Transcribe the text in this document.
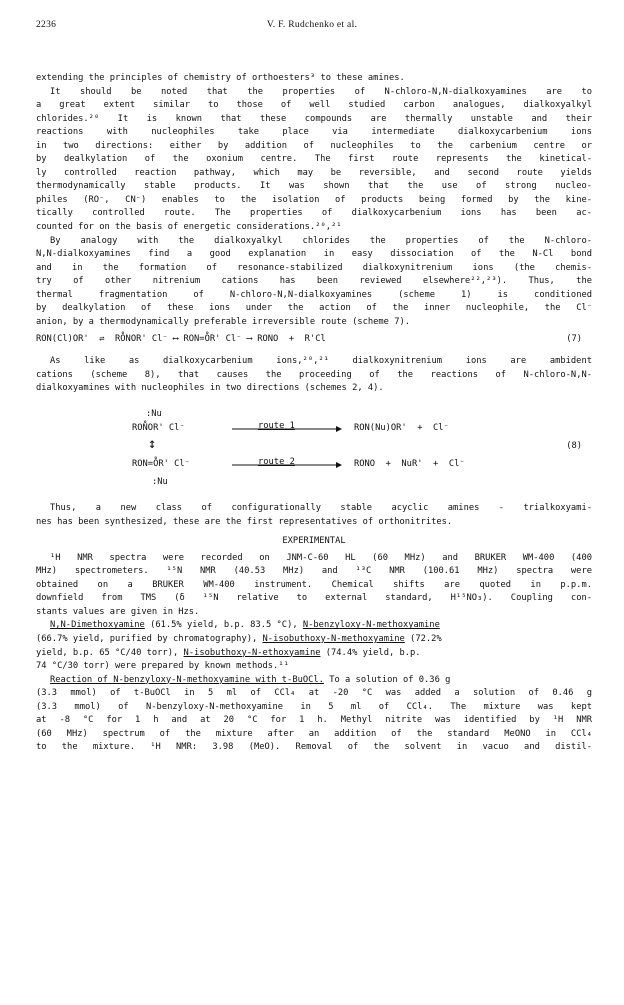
2236	V. F. Rudchenko et al.
extending the principles of chemistry of orthoesters³ to these amines.
It should be noted that the properties of N-chloro-N,N-dialkoxyamines are to
a great extent similar to those of well studied carbon analogues, dialkoxyalkyl
chlorides.²⁰ It is known that these compounds are thermally unstable and their
reactions with nucleophiles take place via intermediate dialkoxycarbenium ions
in two directions: either by addition of nucleophiles to the carbenium centre or
by dealkylation of the oxonium centre. The first route represents the kinetical-
ly controlled reaction pathway, which may be reversible, and second route yields
thermodynamically stable products. It was shown that the use of strong nucleo-
philes (RO⁻, CN⁻) enables to the isolation of products being formed by the kine-
tically controlled route. The properties of dialkoxycarbenium ions has been ac-
counted for on the basis of energetic considerations.²⁰,²¹
By analogy with the dialkoxyalkyl chlorides the properties of the N-chloro-
N,N-dialkoxyamines find a good explanation in easy dissociation of the N-Cl bond
and in the formation of resonance-stabilized dialkoxynitrenium ions (the chemis-
try of other nitrenium cations has been reviewed elsewhere²²,²³). Thus, the
thermal fragmentation of N-chloro-N,N-dialkoxyamines (scheme 1) is conditioned
by dealkylation of these ions under the action of the inner nucleophile, the Cl⁻
anion, by a thermodynamically preferable irreversible route (scheme 7).
RON(Cl)OR'  ⇌  RO̊NOR' Cl⁻ ⟷ RON=O̊R' Cl⁻ ⟶ RONO  +  R'Cl	(7)
As like as dialkoxycarbenium ions,²⁰,²¹ dialkoxynitrenium ions are ambident
cations (scheme 8), that causes the proceeding of the reactions of N-chloro-N,N-
dialkoxyamines with nucleophiles in two directions (schemes 2, 4).
:Nu
RON̊OR' Cl⁻	route 1	RON(Nu)OR'  +  Cl⁻
↕
RON=O̊R' Cl⁻	route 2	RONO  +  NuR'  +  Cl⁻
:Nu
(8)
Thus, a new class of configurationally stable acyclic amines - trialkoxyami-
nes has been synthesized, these are the first representatives of orthonitrites.
EXPERIMENTAL
¹H NMR spectra were recorded on JNM-C-60 HL (60 MHz) and BRUKER WM-400 (400
MHz) spectrometers. ¹⁵N NMR (40.53 MHz) and ¹³C NMR (100.61 MHz) spectra were
obtained on a BRUKER WM-400 instrument. Chemical shifts are quoted in p.p.m.
downfield from TMS (δ ¹⁵N relative to external standard, H¹⁵NO₃). Coupling con-
stants values are given in Hzs.
N,N-Dimethoxyamine (61.5% yield, b.p. 83.5 °C), N-benzyloxy-N-methoxyamine
(66.7% yield, purified by chromatography), N-isobuthoxy-N-methoxyamine (72.2%
yield, b.p. 65 °C/40 torr), N-isobuthoxy-N-ethoxyamine (74.4% yield, b.p.
74 °C/30 torr) were prepared by known methods.¹¹
Reaction of N-benzyloxy-N-methoxyamine with t-BuOCl. To a solution of 0.36 g
(3.3 mmol) of t-BuOCl in 5 ml of CCl₄ at -20 °C was added a solution of 0.46 g
(3.3 mmol) of N-benzyloxy-N-methoxyamine in 5 ml of CCl₄. The mixture was kept
at -8 °C for 1 h and at 20 °C for 1 h. Methyl nitrite was identified by ¹H NMR
(60 MHz) spectrum of the mixture after an addition of the standard MeONO in CCl₄
to the mixture. ¹H NMR: 3.98 (MeO). Removal of the solvent in vacuo and distil-
